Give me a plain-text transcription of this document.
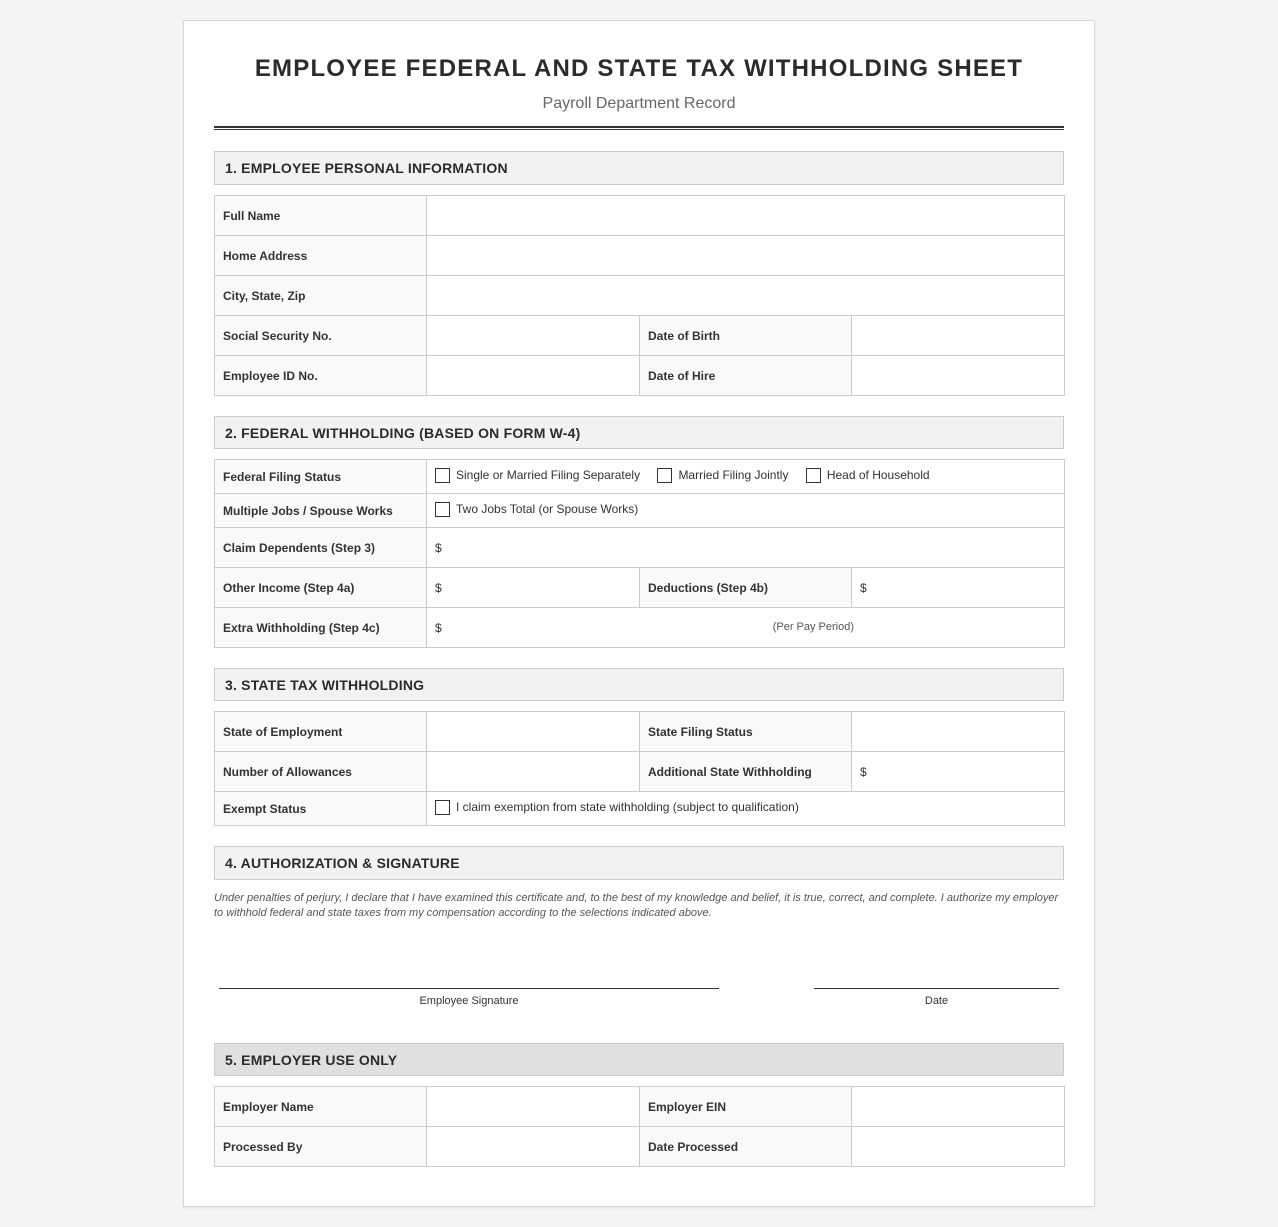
EMPLOYEE FEDERAL AND STATE TAX WITHHOLDING SHEET
Payroll Department Record
1. EMPLOYEE PERSONAL INFORMATION
Full Name			
Home Address			
City, State, Zip			
Social Security No.		Date of Birth	
Employee ID No.		Date of Hire	
2. FEDERAL WITHHOLDING (BASED ON FORM W-4)
Federal Filing Status	Single or Married Filing Separately
Married Filing Jointly
Head of Household		

Multiple Jobs / Spouse Works	Two Jobs Total (or Spouse Works)		

Claim Dependents (Step 3)	$		
Other Income (Step 4a)	$	Deductions (Step 4b)	$
Extra Withholding (Step 4c)	$ (Per Pay Period)		
3. STATE TAX WITHHOLDING
State of Employment		State Filing Status	
Number of Allowances		Additional State Withholding	$
Exempt Status	I claim exemption from state withholding (subject to qualification)		
4. AUTHORIZATION & SIGNATURE
Under penalties of perjury, I declare that I have examined this certificate and, to the best of my knowledge and belief, it is true, correct, and complete. I authorize my employer to withhold federal and state taxes from my compensation according to the selections indicated above.
Employee Signature	Date
5. EMPLOYER USE ONLY
Employer Name		Employer EIN	
Processed By		Date Processed	
